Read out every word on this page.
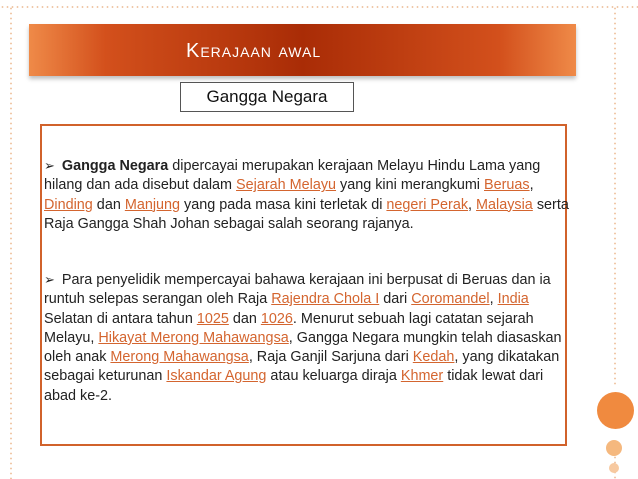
Kerajaan awal
Gangga Negara

➢ Gangga Negara dipercayai merupakan kerajaan Melayu Hindu Lama yang hilang dan ada disebut dalam Sejarah Melayu yang kini merangkumi Beruas, Dinding dan Manjung yang pada masa kini terletak di negeri Perak, Malaysia serta Raja Gangga Shah Johan sebagai salah seorang rajanya.

➢ Para penyelidik mempercayai bahawa kerajaan ini berpusat di Beruas dan ia runtuh selepas serangan oleh Raja Rajendra Chola I dari Coromandel, India Selatan di antara tahun 1025 dan 1026. Menurut sebuah lagi catatan sejarah Melayu, Hikayat Merong Mahawangsa, Gangga Negara mungkin telah diasaskan oleh anak Merong Mahawangsa, Raja Ganjil Sarjuna dari Kedah, yang dikatakan sebagai keturunan Iskandar Agung atau keluarga diraja Khmer tidak lewat dari abad ke-2.
